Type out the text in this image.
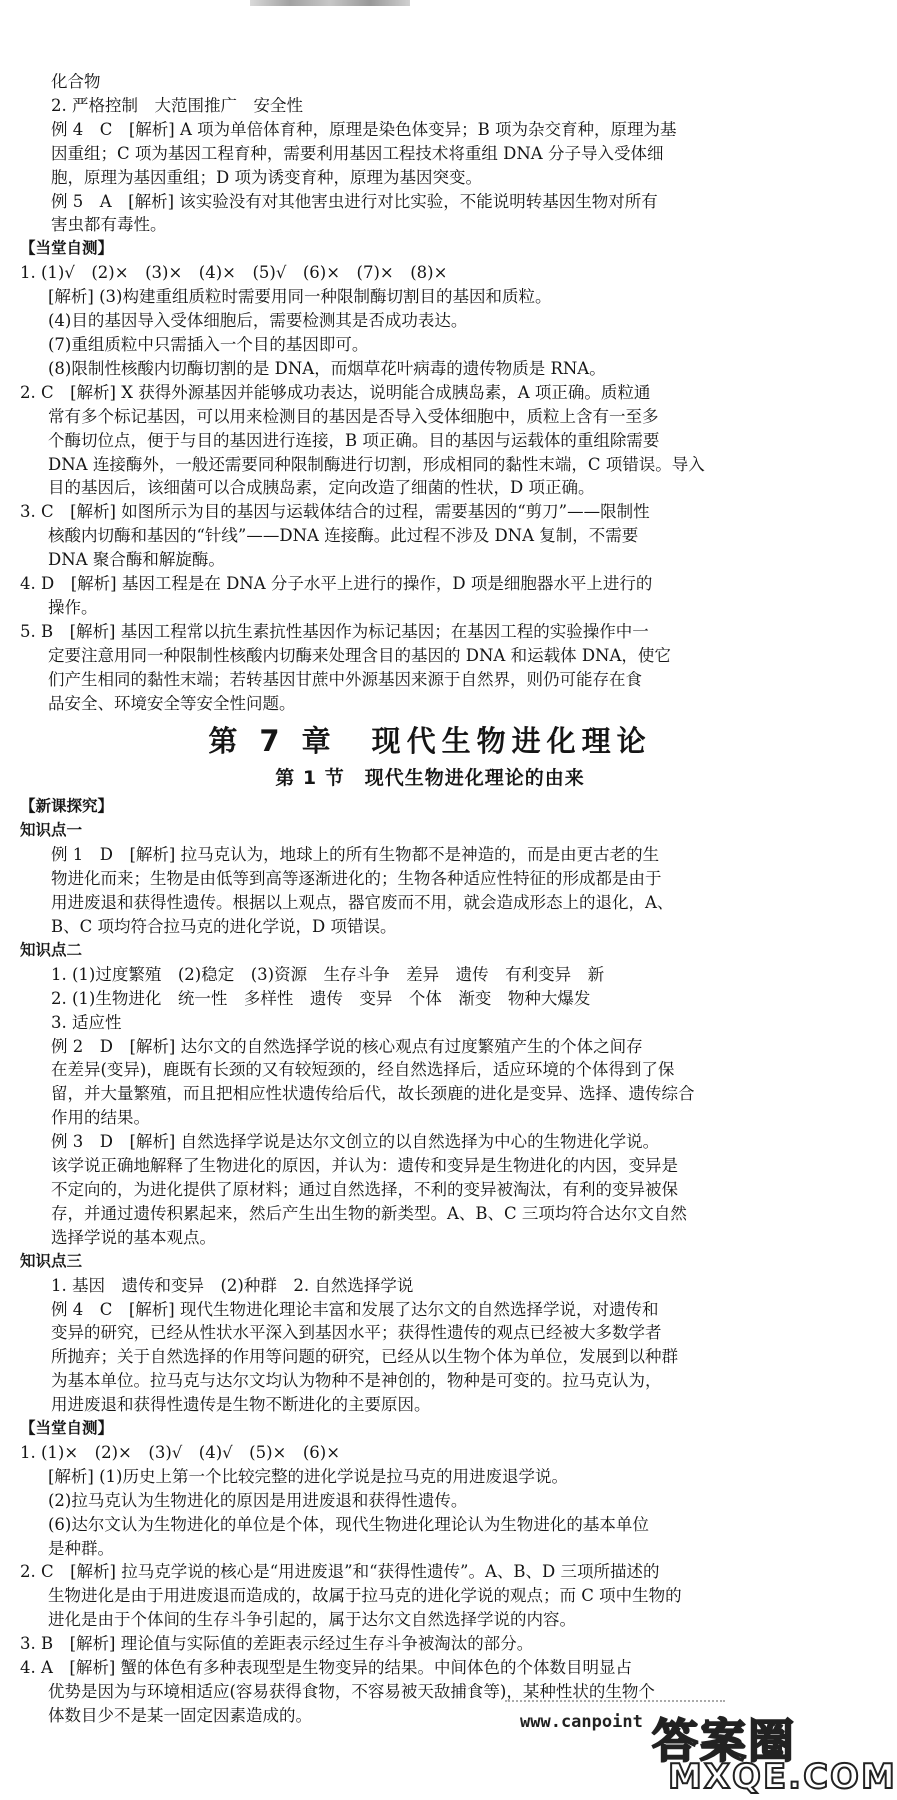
化合物
2. 严格控制　大范围推广　安全性
例 4　C　[解析] A 项为单倍体育种，原理是染色体变异；B 项为杂交育种，原理为基
因重组；C 项为基因工程育种，需要利用基因工程技术将重组 DNA 分子导入受体细
胞，原理为基因重组；D 项为诱变育种，原理为基因突变。
例 5　A　[解析] 该实验没有对其他害虫进行对比实验，不能说明转基因生物对所有
害虫都有毒性。
【当堂自测】
1. (1)√　(2)×　(3)×　(4)×　(5)√　(6)×　(7)×　(8)×
[解析] (3)构建重组质粒时需要用同一种限制酶切割目的基因和质粒。
(4)目的基因导入受体细胞后，需要检测其是否成功表达。
(7)重组质粒中只需插入一个目的基因即可。
(8)限制性核酸内切酶切割的是 DNA，而烟草花叶病毒的遗传物质是 RNA。
2. C　[解析] X 获得外源基因并能够成功表达，说明能合成胰岛素，A 项正确。质粒通
常有多个标记基因，可以用来检测目的基因是否导入受体细胞中，质粒上含有一至多
个酶切位点，便于与目的基因进行连接，B 项正确。目的基因与运载体的重组除需要
DNA 连接酶外，一般还需要同种限制酶进行切割，形成相同的黏性末端，C 项错误。导入
目的基因后，该细菌可以合成胰岛素，定向改造了细菌的性状，D 项正确。
3. C　[解析] 如图所示为目的基因与运载体结合的过程，需要基因的“剪刀”——限制性
核酸内切酶和基因的“针线”——DNA 连接酶。此过程不涉及 DNA 复制，不需要
DNA 聚合酶和解旋酶。
4. D　[解析] 基因工程是在 DNA 分子水平上进行的操作，D 项是细胞器水平上进行的
操作。
5. B　[解析] 基因工程常以抗生素抗性基因作为标记基因；在基因工程的实验操作中一
定要注意用同一种限制性核酸内切酶来处理含目的基因的 DNA 和运载体 DNA，使它
们产生相同的黏性末端；若转基因甘蔗中外源基因来源于自然界，则仍可能存在食
品安全、环境安全等安全性问题。
第 7 章　现代生物进化理论
第 1 节　现代生物进化理论的由来
【新课探究】
知识点一
例 1　D　[解析] 拉马克认为，地球上的所有生物都不是神造的，而是由更古老的生
物进化而来；生物是由低等到高等逐渐进化的；生物各种适应性特征的形成都是由于
用进废退和获得性遗传。根据以上观点，器官废而不用，就会造成形态上的退化，A、
B、C 项均符合拉马克的进化学说，D 项错误。
知识点二
1. (1)过度繁殖　(2)稳定　(3)资源　生存斗争　差异　遗传　有利变异　新
2. (1)生物进化　统一性　多样性　遗传　变异　个体　渐变　物种大爆发
3. 适应性
例 2　D　[解析] 达尔文的自然选择学说的核心观点有过度繁殖产生的个体之间存
在差异(变异)，鹿既有长颈的又有较短颈的，经自然选择后，适应环境的个体得到了保
留，并大量繁殖，而且把相应性状遗传给后代，故长颈鹿的进化是变异、选择、遗传综合
作用的结果。
例 3　D　[解析] 自然选择学说是达尔文创立的以自然选择为中心的生物进化学说。
该学说正确地解释了生物进化的原因，并认为：遗传和变异是生物进化的内因，变异是
不定向的，为进化提供了原材料；通过自然选择，不利的变异被淘汰，有利的变异被保
存，并通过遗传积累起来，然后产生出生物的新类型。A、B、C 三项均符合达尔文自然
选择学说的基本观点。
知识点三
1. 基因　遗传和变异　(2)种群　2. 自然选择学说
例 4　C　[解析] 现代生物进化理论丰富和发展了达尔文的自然选择学说，对遗传和
变异的研究，已经从性状水平深入到基因水平；获得性遗传的观点已经被大多数学者
所抛弃；关于自然选择的作用等问题的研究，已经从以生物个体为单位，发展到以种群
为基本单位。拉马克与达尔文均认为物种不是神创的，物种是可变的。拉马克认为，
用进废退和获得性遗传是生物不断进化的主要原因。
【当堂自测】
1. (1)×　(2)×　(3)√　(4)√　(5)×　(6)×
[解析] (1)历史上第一个比较完整的进化学说是拉马克的用进废退学说。
(2)拉马克认为生物进化的原因是用进废退和获得性遗传。
(6)达尔文认为生物进化的单位是个体，现代生物进化理论认为生物进化的基本单位
是种群。
2. C　[解析] 拉马克学说的核心是“用进废退”和“获得性遗传”。A、B、D 三项所描述的
生物进化是由于用进废退而造成的，故属于拉马克的进化学说的观点；而 C 项中生物的
进化是由于个体间的生存斗争引起的，属于达尔文自然选择学说的内容。
3. B　[解析] 理论值与实际值的差距表示经过生存斗争被淘汰的部分。
4. A　[解析] 蟹的体色有多种表现型是生物变异的结果。中间体色的个体数目明显占
优势是因为与环境相适应(容易获得食物，不容易被天敌捕食等)，某种性状的生物个
体数目少不是某一固定因素造成的。	www.canpoint 答案圈
MXQE.COM
